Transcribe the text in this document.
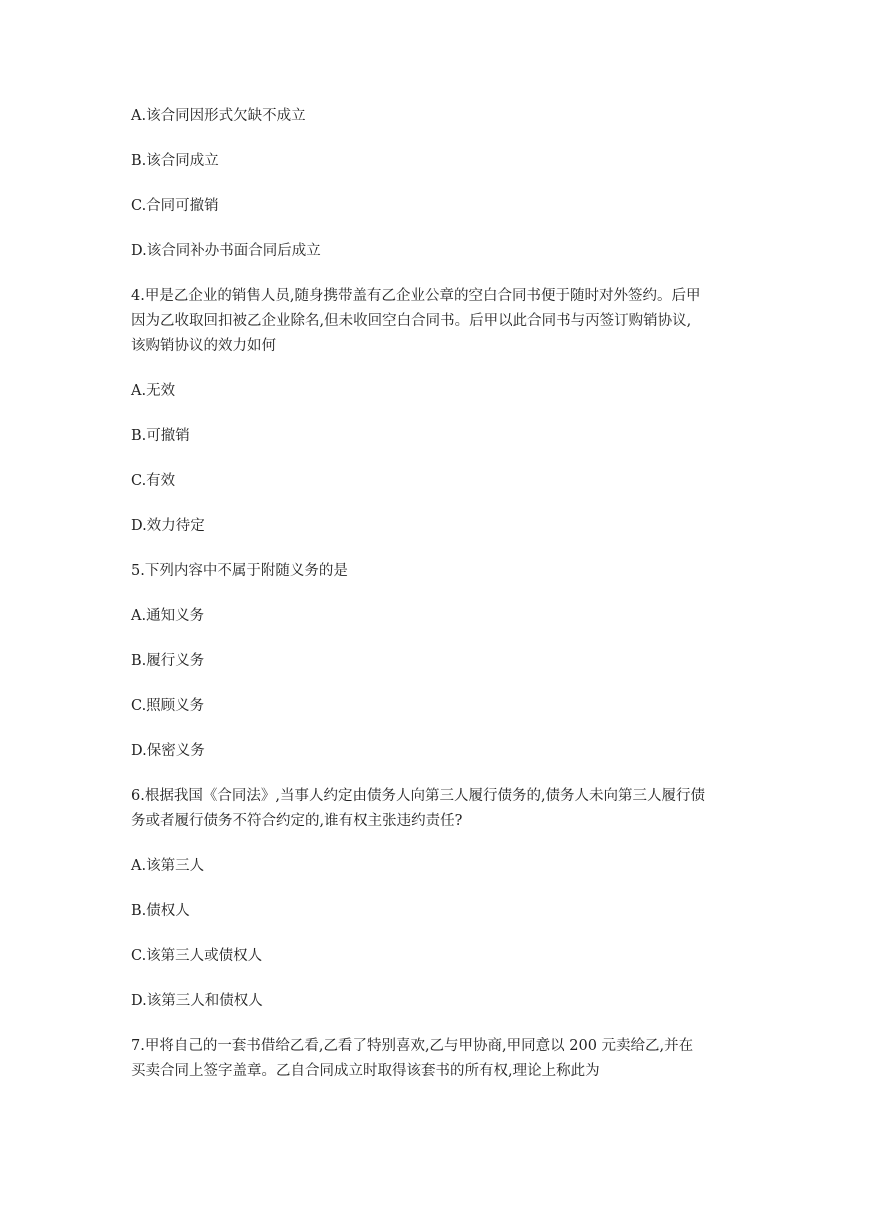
A.该合同因形式欠缺不成立

B.该合同成立

C.合同可撤销

D.该合同补办书面合同后成立

4.甲是乙企业的销售人员,随身携带盖有乙企业公章的空白合同书便于随时对外签约。后甲

因为乙收取回扣被乙企业除名,但未收回空白合同书。后甲以此合同书与丙签订购销协议,

该购销协议的效力如何

A.无效

B.可撤销

C.有效

D.效力待定

5.下列内容中不属于附随义务的是

A.通知义务

B.履行义务

C.照顾义务

D.保密义务

6.根据我国《合同法》,当事人约定由债务人向第三人履行债务的,债务人未向第三人履行债

务或者履行债务不符合约定的,谁有权主张违约责任?

A.该第三人

B.债权人

C.该第三人或债权人

D.该第三人和债权人

7.甲将自己的一套书借给乙看,乙看了特别喜欢,乙与甲协商,甲同意以 200 元卖给乙,并在

买卖合同上签字盖章。乙自合同成立时取得该套书的所有权,理论上称此为
